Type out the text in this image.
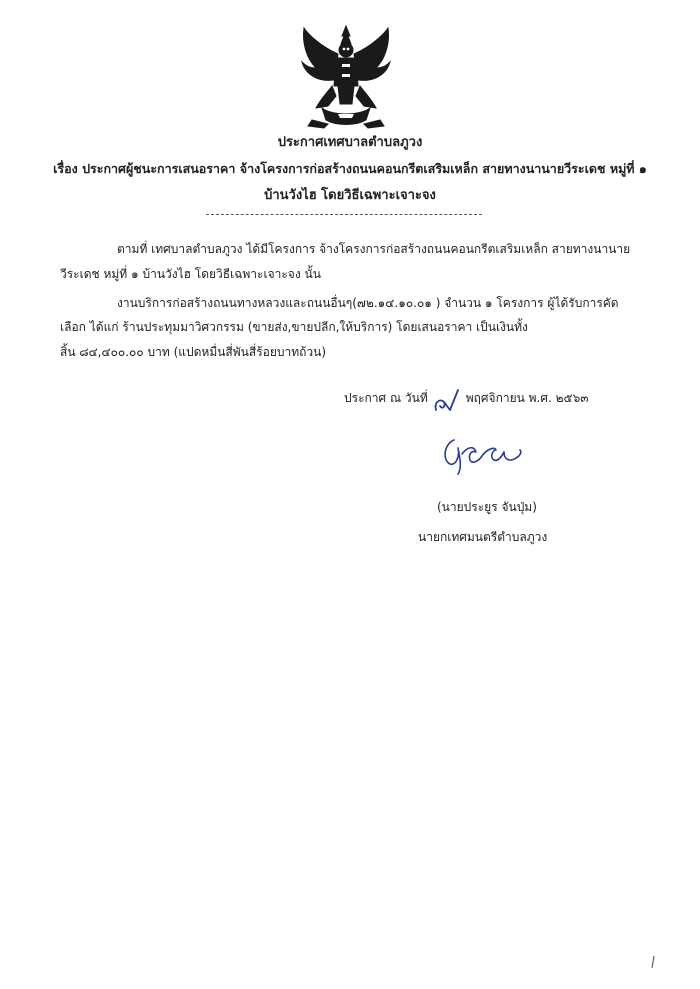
ประกาศเทศบาลตำบลภูวง
เรื่อง ประกาศผู้ชนะการเสนอราคา จ้างโครงการก่อสร้างถนนคอนกรีตเสริมเหล็ก สายทางนานายวีระเดช หมู่ที่ ๑
บ้านวังไฮ โดยวิธีเฉพาะเจาะจง
ตามที่ เทศบาลตำบลภูวง ได้มีโครงการ จ้างโครงการก่อสร้างถนนคอนกรีตเสริมเหล็ก สายทางนานาย
วีระเดช หมู่ที่ ๑ บ้านวังไฮ โดยวิธีเฉพาะเจาะจง นั้น
งานบริการก่อสร้างถนนทางหลวงและถนนอื่นๆ(๗๒.๑๔.๑๐.๐๑ ) จำนวน ๑ โครงการ ผู้ได้รับการคัด
เลือก ได้แก่ ร้านประทุมมาวิศวกรรม (ขายส่ง,ขายปลีก,ให้บริการ) โดยเสนอราคา เป็นเงินทั้ง
สิ้น ๘๔,๔๐๐.๐๐ บาท (แปดหมื่นสี่พันสี่ร้อยบาทถ้วน)
ประกาศ ณ วันที่	พฤศจิกายน พ.ศ. ๒๕๖๓
(นายประยูร จันปุ่ม)
นายกเทศมนตรีตำบลภูวง
